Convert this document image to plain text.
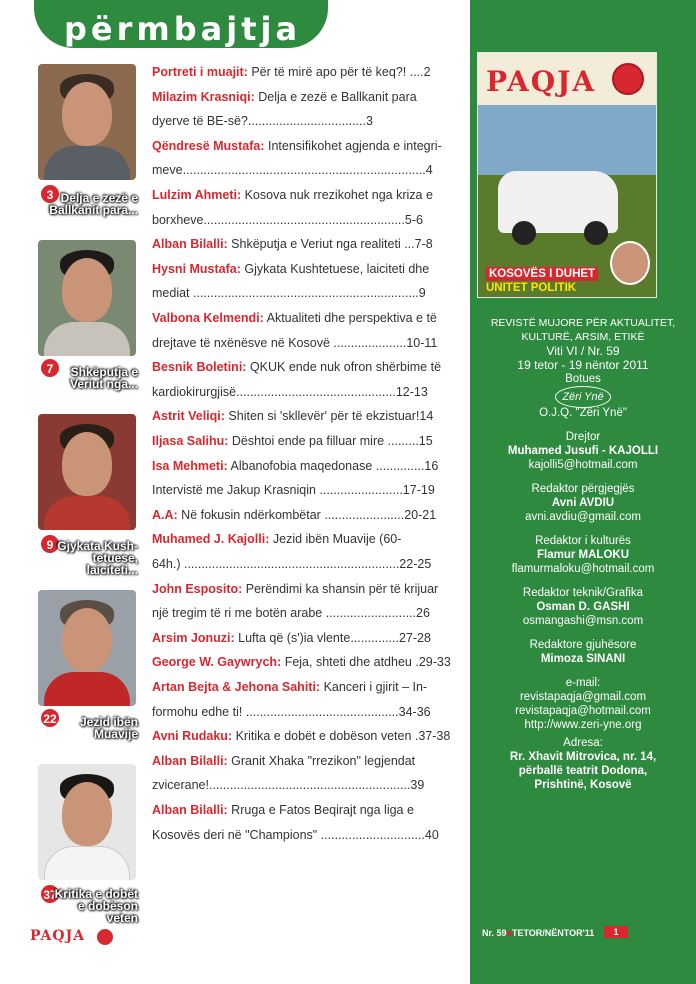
përmbajtja
3 Delja e zezë e
Ballkanit para...
7	Shkëputja e
Veriut nga...
9 Gjykata Kush-
tetuese, laiciteti...
22	Jezid ibën
Muavije
37
Kritika e dobët
e dobëson veten
Portreti i muajit: Për të mirë apo për të keq?! ....2
Milazim Krasniqi: Delja e zezë e Ballkanit para
dyerve të BE-së?..................................3
Qëndresë Mustafa: Intensifikohet agjenda e integri-
meve......................................................................4
Lulzim Ahmeti: Kosova nuk rrezikohet nga kriza e
borxheve..........................................................5-6
Alban Bilalli: Shkëputja e Veriut nga realiteti ...7-8
Hysni Mustafa: Gjykata Kushtetuese, laiciteti dhe
mediat .................................................................9
Valbona Kelmendi: Aktualiteti dhe perspektiva e të
drejtave të nxënësve në Kosovë .....................10-11
Besnik Boletini: QKUK ende nuk ofron shërbime të
kardiokirurgjisë..............................................12-13
Astrit Veliqi: Shiten si 'skllevër' për të ekzistuar!14
Iljasa Salihu: Dështoi ende pa filluar mire .........15
Isa Mehmeti: Albanofobia maqedonase ..............16
Intervistë me Jakup Krasniqin ........................17-19
A.A: Në fokusin ndërkombëtar .......................20-21
Muhamed J. Kajolli: Jezid ibën Muavije (60-
64h.) ..............................................................22-25
John Esposito: Perëndimi ka shansin për të krijuar
një tregim të ri me botën arabe ..........................26
Arsim Jonuzi: Lufta që (s')ia vlente..............27-28
George W. Gaywrych: Feja, shteti dhe atdheu .29-33
Artan Bejta & Jehona Sahiti: Kanceri i gjirit – In-
formohu edhe ti! ............................................34-36
Avni Rudaku: Kritika e dobët e dobëson veten .37-38
Alban Bilalli: Granit Xhaka "rrezikon" legjendat
zvicerane!..........................................................39
Alban Bilalli: Rruga e Fatos Beqirajt nga liga e
Kosovës deri në "Champions" ..............................40
PAQJA
KOSOVËS I DUHET
UNITET POLITIK
REVISTË MUJORE PËR AKTUALITET,
KULTURË, ARSIM, ETIKË
Viti VI / Nr. 59
19 tetor - 19 nëntor 2011
Botues
Zëri Ynë
O.J.Q. "Zëri Ynë"
Drejtor
Muhamed Jusufi - KAJOLLI
kajolli5@hotmail.com
Redaktor përgjegjës
Avni AVDIU
avni.avdiu@gmail.com
Redaktor i kulturës
Flamur MALOKU
flamurmaloku@hotmail.com
Redaktor teknik/Grafika
Osman D. GASHI
osmangashi@msn.com
Redaktore gjuhësore
Mimoza SINANI
e-mail:
revistapaqja@gmail.com
revistapaqja@hotmail.com
http://www.zeri-yne.org
Adresa:
Rr. Xhavit Mitrovica, nr. 14,
përballë teatrit Dodona,
Prishtinë, Kosovë
PAQJA	Nr. 59■TETOR/NËNTOR'11	1
